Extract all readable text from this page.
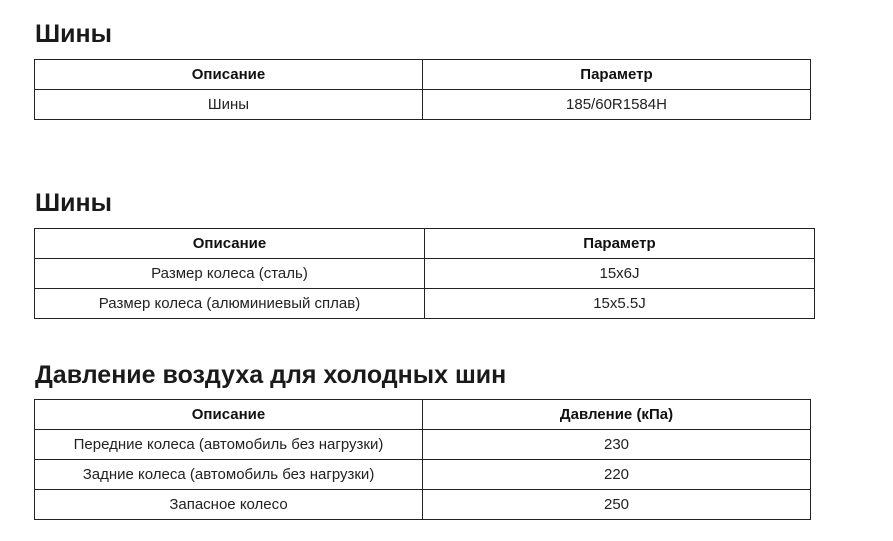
Шины
Описание	Параметр
Шины	185/60R1584H
Шины
Описание	Параметр
Размер колеса (сталь)	15x6J
Размер колеса (алюминиевый сплав)	15x5.5J
Давление воздуха для холодных шин
Описание	Давление (кПа)
Передние колеса (автомобиль без нагрузки)	230
Задние колеса (автомобиль без нагрузки)	220
Запасное колесо	250
